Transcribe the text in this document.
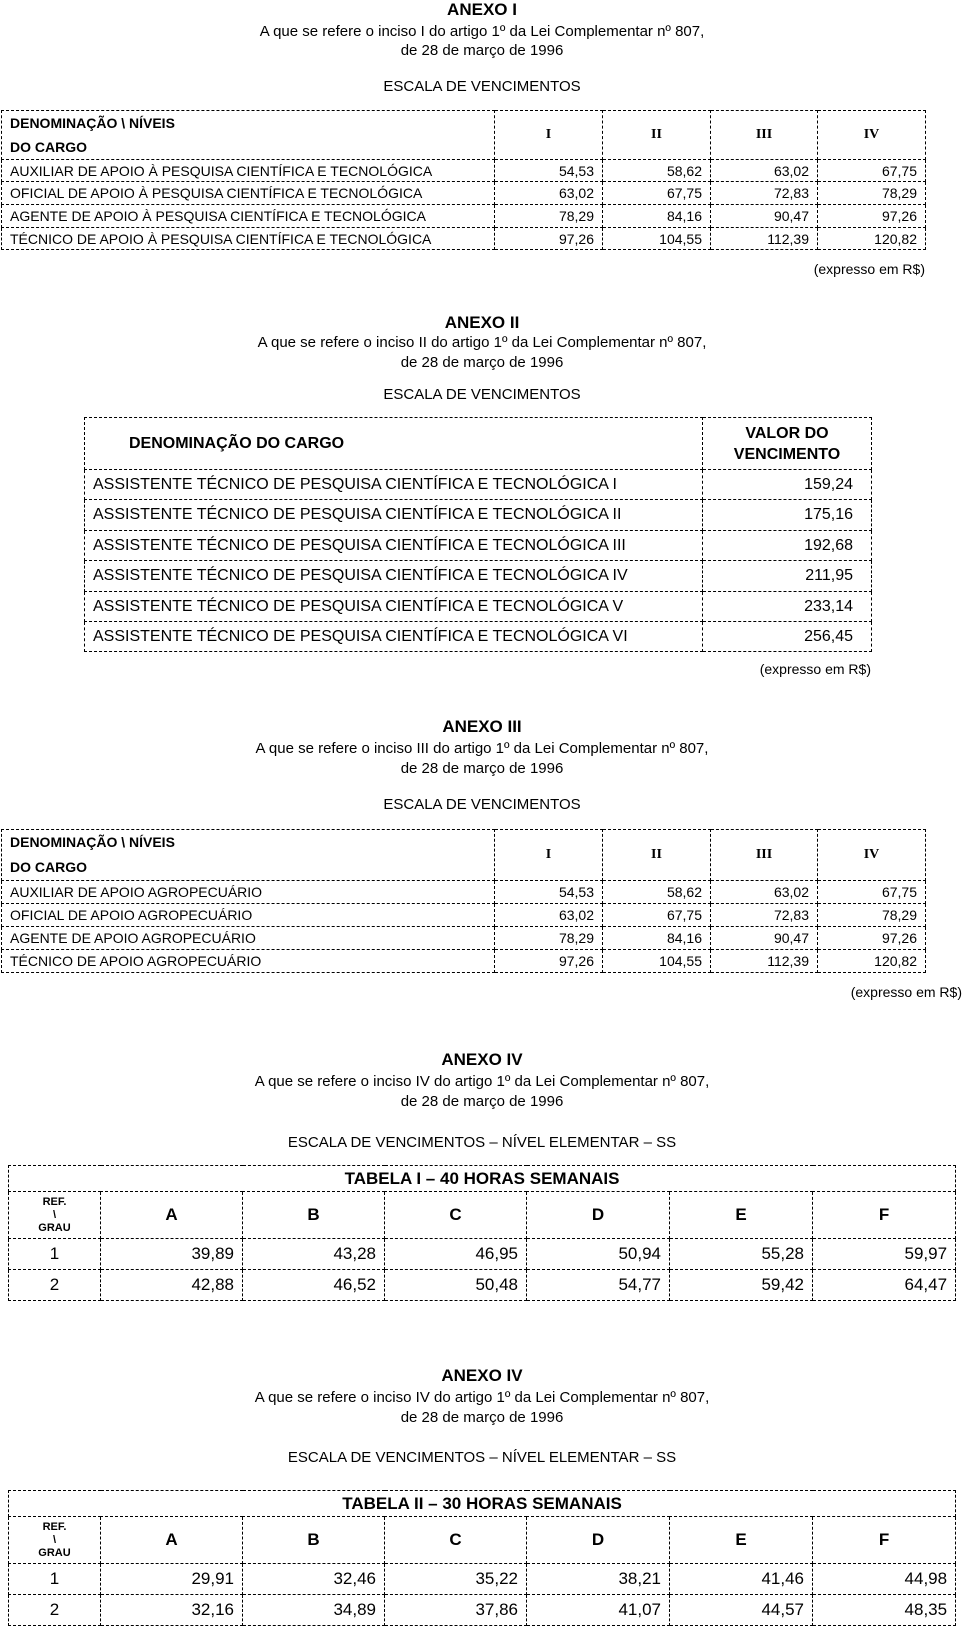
ANEXO I
A que se refere o inciso I do artigo 1º da Lei Complementar nº 807,
de 28 de março de 1996
ESCALA DE VENCIMENTOS
DENOMINAÇÃO \ NÍVEIS
DO CARGO	I	II	III	IV
AUXILIAR DE APOIO À PESQUISA CIENTÍFICA E TECNOLÓGICA	54,53	58,62	63,02	67,75
OFICIAL DE APOIO À PESQUISA CIENTÍFICA E TECNOLÓGICA	63,02	67,75	72,83	78,29
AGENTE DE APOIO À PESQUISA CIENTÍFICA E TECNOLÓGICA	78,29	84,16	90,47	97,26
TÉCNICO DE APOIO À PESQUISA CIENTÍFICA E TECNOLÓGICA	97,26	104,55	112,39	120,82
(expresso em R$)
ANEXO II
A que se refere o inciso II do artigo 1º da Lei Complementar nº 807,
de 28 de março de 1996
ESCALA DE VENCIMENTOS
DENOMINAÇÃO DO CARGO	VALOR DO
VENCIMENTO

ASSISTENTE TÉCNICO DE PESQUISA CIENTÍFICA E TECNOLÓGICA I	159,24
ASSISTENTE TÉCNICO DE PESQUISA CIENTÍFICA E TECNOLÓGICA II	175,16
ASSISTENTE TÉCNICO DE PESQUISA CIENTÍFICA E TECNOLÓGICA III	192,68
ASSISTENTE TÉCNICO DE PESQUISA CIENTÍFICA E TECNOLÓGICA IV	211,95
ASSISTENTE TÉCNICO DE PESQUISA CIENTÍFICA E TECNOLÓGICA V	233,14
ASSISTENTE TÉCNICO DE PESQUISA CIENTÍFICA E TECNOLÓGICA VI	256,45
(expresso em R$)
ANEXO III
A que se refere o inciso III do artigo 1º da Lei Complementar nº 807,
de 28 de março de 1996
ESCALA DE VENCIMENTOS
DENOMINAÇÃO \ NÍVEIS
DO CARGO	I	II	III	IV
AUXILIAR DE APOIO AGROPECUÁRIO	54,53	58,62	63,02	67,75
OFICIAL DE APOIO AGROPECUÁRIO	63,02	67,75	72,83	78,29
AGENTE DE APOIO AGROPECUÁRIO	78,29	84,16	90,47	97,26
TÉCNICO DE APOIO AGROPECUÁRIO	97,26	104,55	112,39	120,82
(expresso em R$)
ANEXO IV
A que se refere o inciso IV do artigo 1º da Lei Complementar nº 807,
de 28 de março de 1996
ESCALA DE VENCIMENTOS – NÍVEL ELEMENTAR – SS
TABELA I – 40 HORAS SEMANAIS						

REF.
\
GRAU	A	B	C	D	E	F
1	39,89	43,28	46,95	50,94	55,28	59,97
2	42,88	46,52	50,48	54,77	59,42	64,47
ANEXO IV
A que se refere o inciso IV do artigo 1º da Lei Complementar nº 807,
de 28 de março de 1996
ESCALA DE VENCIMENTOS – NÍVEL ELEMENTAR – SS
TABELA II – 30 HORAS SEMANAIS						

REF.
\
GRAU	A	B	C	D	E	F
1	29,91	32,46	35,22	38,21	41,46	44,98
2	32,16	34,89	37,86	41,07	44,57	48,35
